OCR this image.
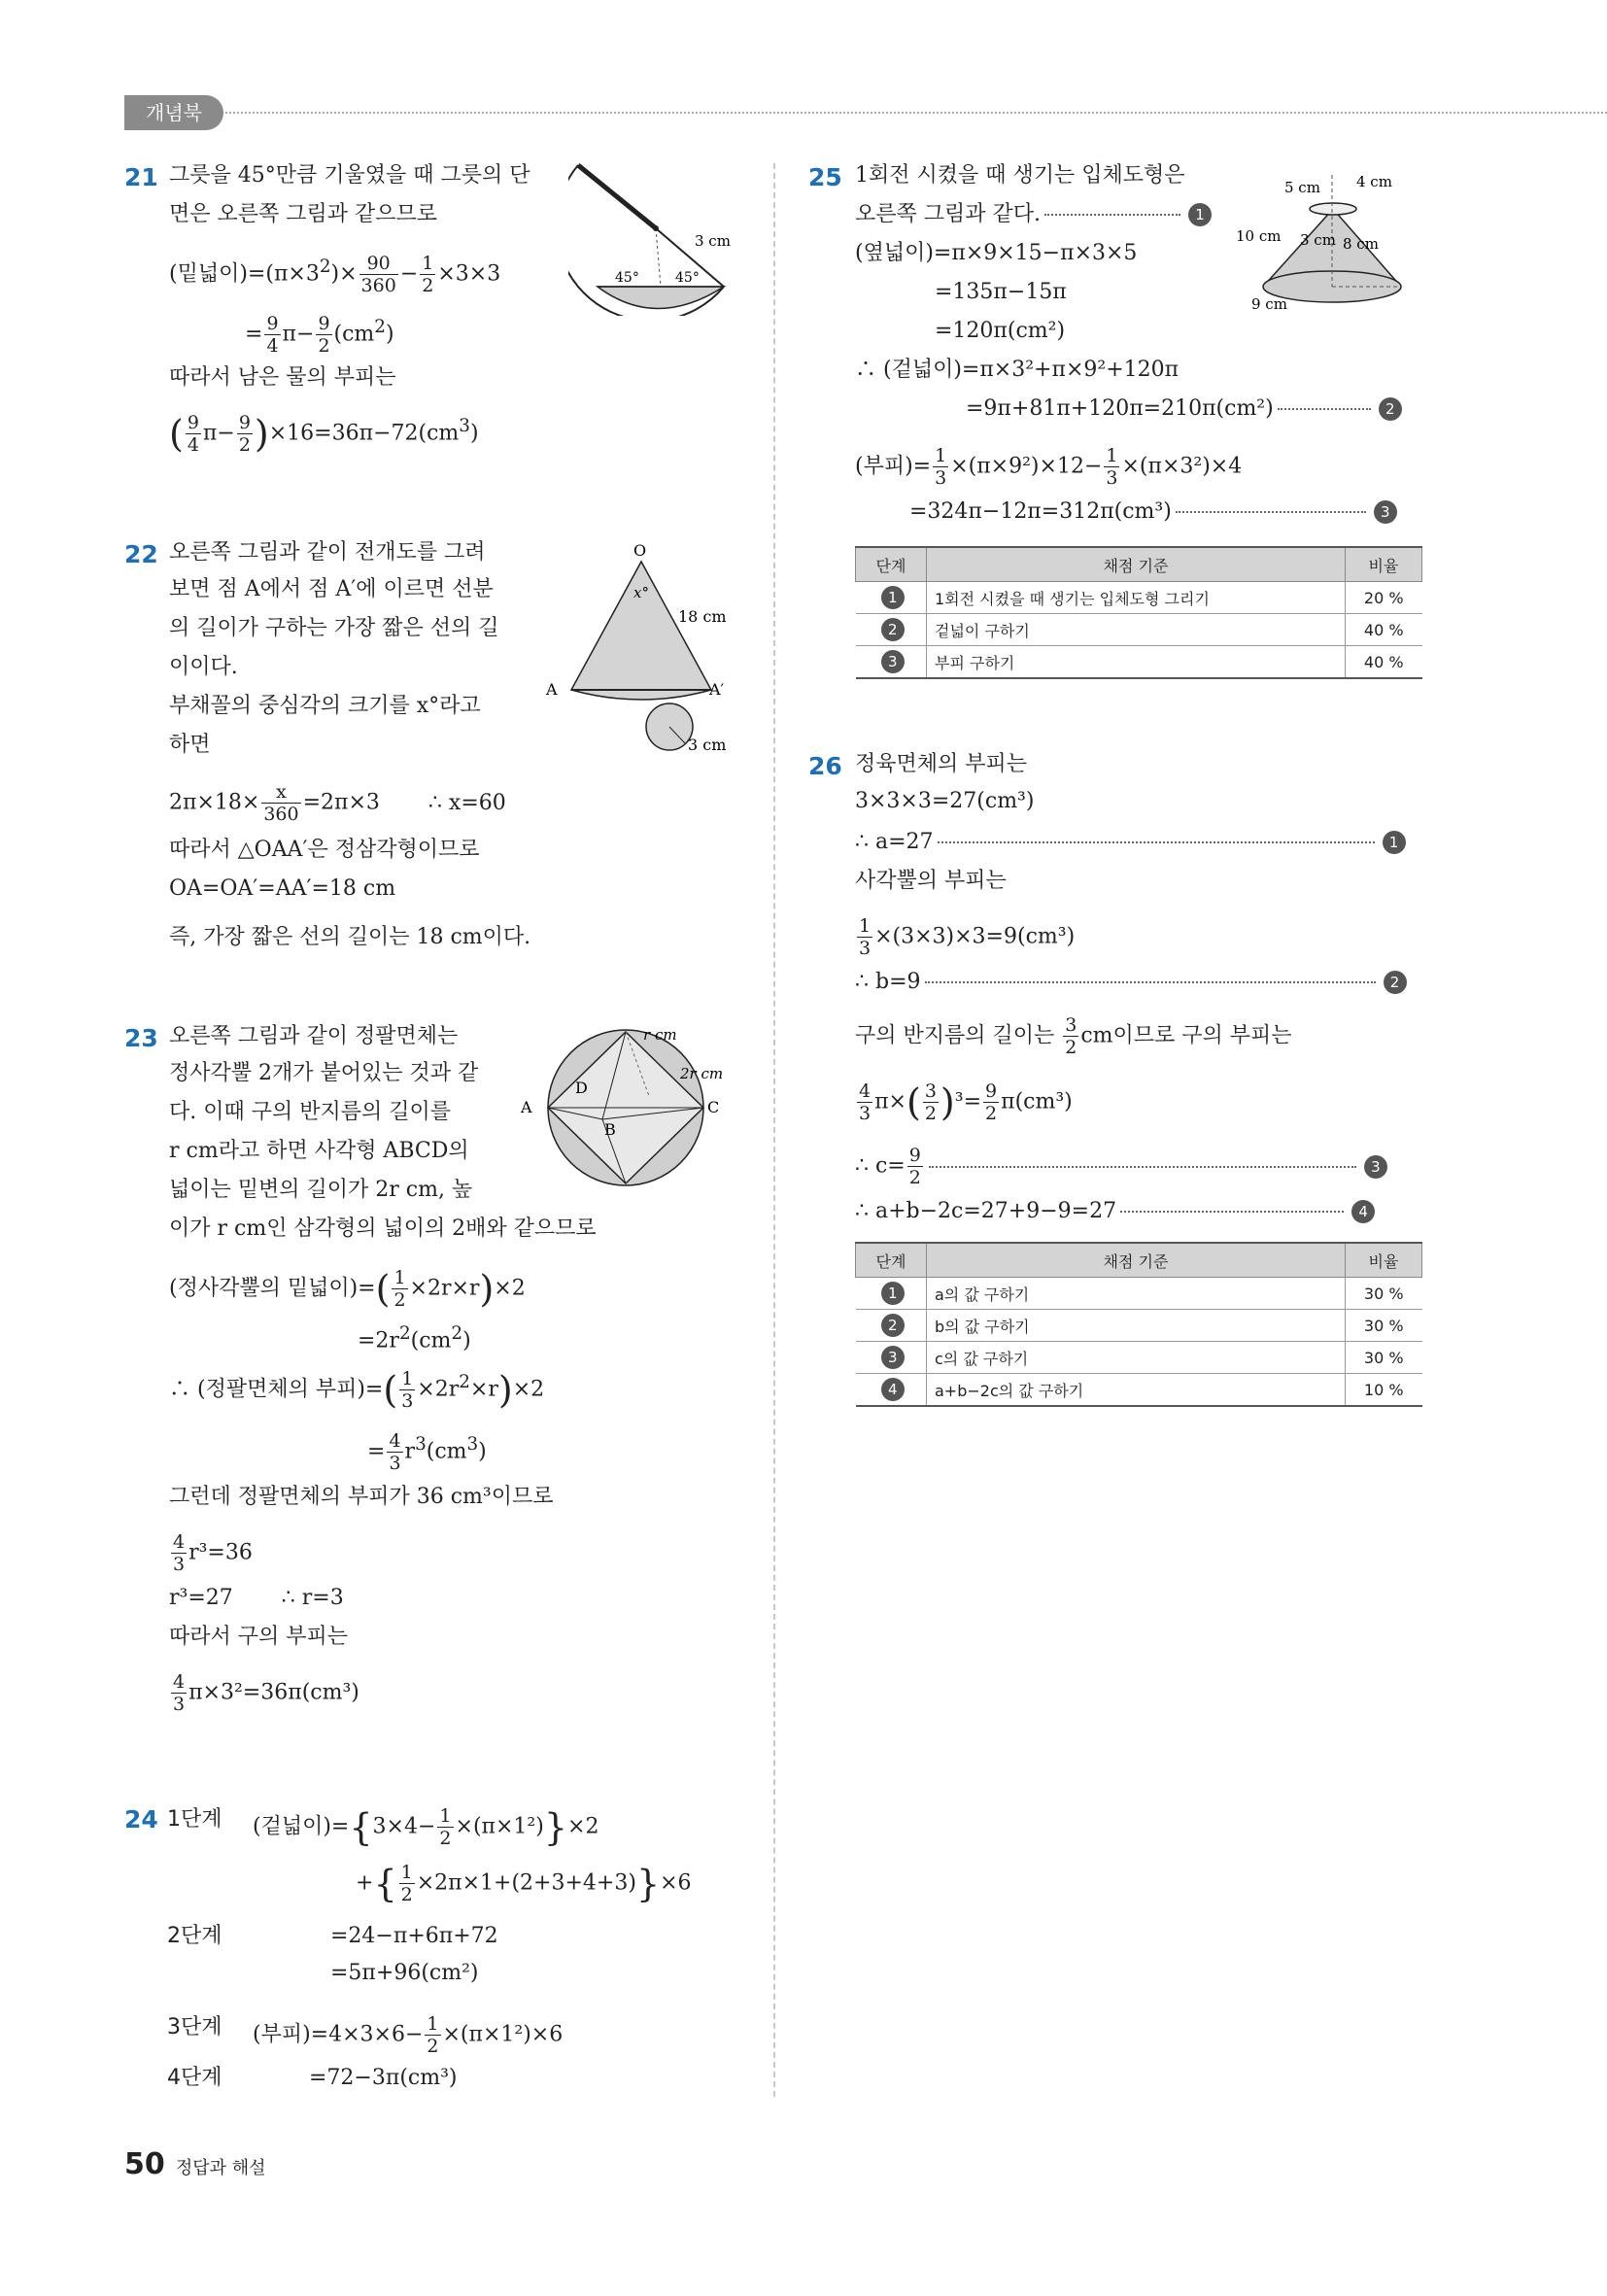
개념북
21 그릇을 45°만큼 기울였을 때 그릇의 단
면은 오른쪽 그림과 같으므로
(밑넓이)$=(\pi\times 3^2)\times \frac{90}{360} - \frac{1}{2} \times 3\times 3$
= $\frac{9}{4} \pi- \frac{9}{2} (cm^2)$
따라서 남은 물의 부피는
( $\frac{9}{4} \pi- \frac{9}{2} )\times 16=36\pi-72(cm^3)$
3 cm
45°	45°
22 오른쪽 그림과 같이 전개도를 그려
보면 점 A에서 점 A′에 이르면 선분
의 길이가 구하는 가장 짧은 선의 길
이이다.
부채꼴의 중심각의 크기를 x°라고
하면
$2\pi\times 18\times \frac{x}{360} =2\pi\times 3$ ∴ x=60
따라서 △OAA′은 정삼각형이므로
OA=OA′=AA′=18 cm
즉, 가장 짧은 선의 길이는 18 cm이다.
O
x°
18 cm
A	A′
3 cm
23 오른쪽 그림과 같이 정팔면체는
정사각뿔 2개가 붙어있는 것과 같
다. 이때 구의 반지름의 길이를
r cm라고 하면 사각형 ABCD의
넓이는 밑변의 길이가 2r cm, 높
이가 r cm인 삼각형의 넓이의 2배와 같으므로
(정사각뿔의 밑넓이)=( $\frac{1}{2} \times 2r\times r)\times 2$
$=2r^2(cm^2)$
∴ (정팔면체의 부피)=( $\frac{1}{3} \times 2r^2\times r)\times 2$
= $\frac{4}{3} r^3(cm^3)$
그런데 정팔면체의 부피가 36 cm³이므로
$\frac{4}{3} r^3=36$
r³=27 ∴ r=3
따라서 구의 부피는
$\frac{4}{3} \pi\times 3^2=36\pi(cm^3)$
r cm
2r cm
A
B
C
D
24 1단계 (겉넓이)$=\{3\times 4- \frac{1}{2} \times(\pi\times 1^2)\}\times 2$
+{ $\frac{1}{2} \times 2\pi\times 1+(2+3+4+3)\}\times 6$
2단계	=24−π+6π+72
=5π+96(cm²)
3단계 (부피)$=4\times 3\times 6- \frac{1}{2} \times(\pi\times 1^2)\times 6$
4단계	=72−3π(cm³)
25 1회전 시켰을 때 생기는 입체도형은
오른쪽 그림과 같다.	1
(옆넓이)=π×9×15−π×3×5
=135π−15π
=120π(cm²)
∴ (겉넓이)=π×3²+π×9²+120π
=9π+81π+120π=210π(cm²)	2
(부피)= $\frac{1}{3} \times(\pi\times 9^2)\times 12- \frac{1}{3} \times(\pi\times 3^2)\times 4$
=324π−12π=312π(cm³)	3
5 cm 4 cm
10 cm 3 cm 8 cm
9 cm
단계	채점 기준	비율
1	1회전 시켰을 때 생기는 입체도형 그리기	20 %
2	겉넓이 구하기	40 %
3	부피 구하기	40 %
26 정육면체의 부피는
3×3×3=27(cm³)
∴ a=27	1
사각뿔의 부피는
$\frac{1}{3} \times(3\times 3)\times 3=9(cm^3)$
∴ b=9	2
구의 반지름의 길이는 $\frac{3}{2}$ cm이므로 구의 부피는
$\frac{4}{3} \pi\times( \frac{3}{2} )^3= \frac{9}{2} \pi(cm^3)$
∴ $c= \frac{9}{2}$	3
∴ a+b−2c=27+9−9=27	4
단계	채점 기준	비율
1	a의 값 구하기	30 %
2	b의 값 구하기	30 %
3	c의 값 구하기	30 %
4	a+b−2c의 값 구하기	10 %
50 정답과 해설
